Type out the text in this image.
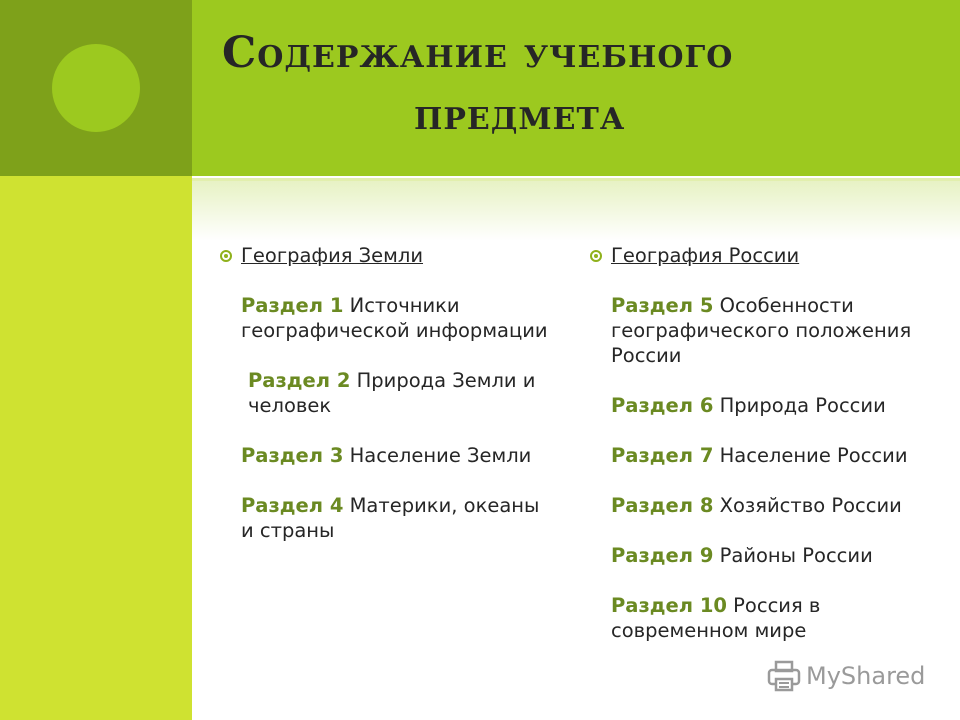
Содержание учебного
предмета

География Земли

Раздел 1 Источники географической информации
Раздел 2 Природа Земли и человек
Раздел 3 Население Земли
Раздел 4 Материки, океаны и страны

География России

Раздел 5 Особенности географического положения России
Раздел 6 Природа России
Раздел 7 Население России
Раздел 8 Хозяйство России
Раздел 9 Районы России
Раздел 10 Россия в современном мире
MyShared
